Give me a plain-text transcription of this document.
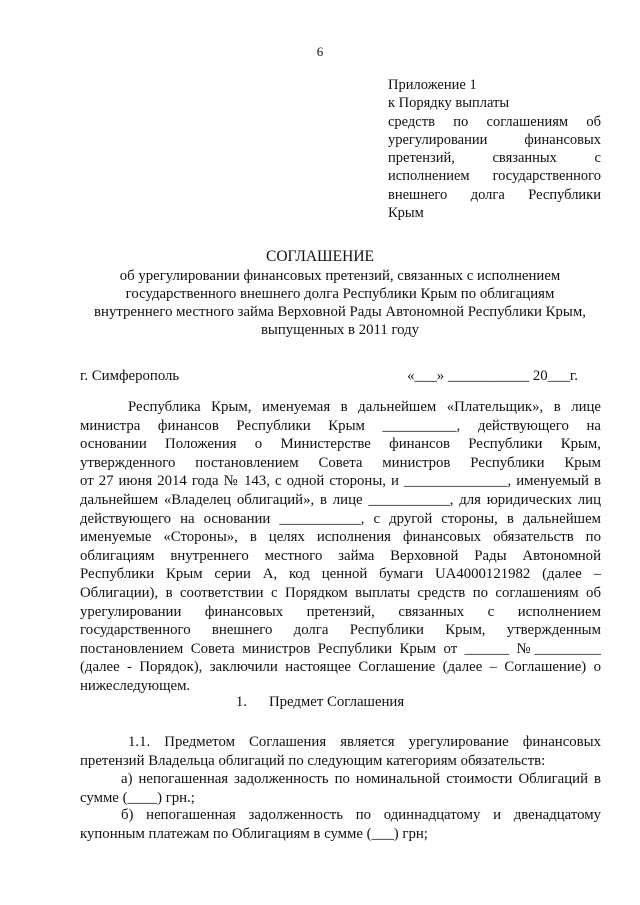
6
Приложение 1
к Порядку выплаты
средств по соглашениям об
урегулировании финансовых
претензий, связанных с
исполнением государственного
внешнего долга Республики
Крым
СОГЛАШЕНИЕ
об урегулировании финансовых претензий, связанных с исполнением
государственного внешнего долга Республики Крым по облигациям
внутреннего местного займа Верховной Рады Автономной Республики Крым,
выпущенных в 2011 году
г. Симферополь	«___» ___________ 20___г.
Республика Крым, именуемая в дальнейшем «Плательщик», в лице
министра финансов Республики Крым __________, действующего на
основании Положения о Министерстве финансов Республики Крым,
утвержденного постановлением Совета министров Республики Крым
от 27 июня 2014 года № 143, с одной стороны, и ______________, именуемый в
дальнейшем «Владелец облигаций», в лице ___________, для юридических лиц
действующего на основании ___________, с другой стороны, в дальнейшем
именуемые «Стороны», в целях исполнения финансовых обязательств по
облигациям внутреннего местного займа Верховной Рады Автономной
Республики Крым серии А, код ценной бумаги UA4000121982 (далее –
Облигации), в соответствии с Порядком выплаты средств по соглашениям об
урегулировании финансовых претензий, связанных с исполнением
государственного внешнего долга Республики Крым, утвержденным
постановлением Совета министров Республики Крым от ______ №_________
(далее - Порядок), заключили настоящее Соглашение (далее – Соглашение) о
нижеследующем.
1. Предмет Соглашения
1.1. Предметом Соглашения является урегулирование финансовых
претензий Владельца облигаций по следующим категориям обязательств:
а) непогашенная задолженность по номинальной стоимости Облигаций в
сумме (____) грн.;
б) непогашенная задолженность по одиннадцатому и двенадцатому
купонным платежам по Облигациям в сумме (___) грн;
